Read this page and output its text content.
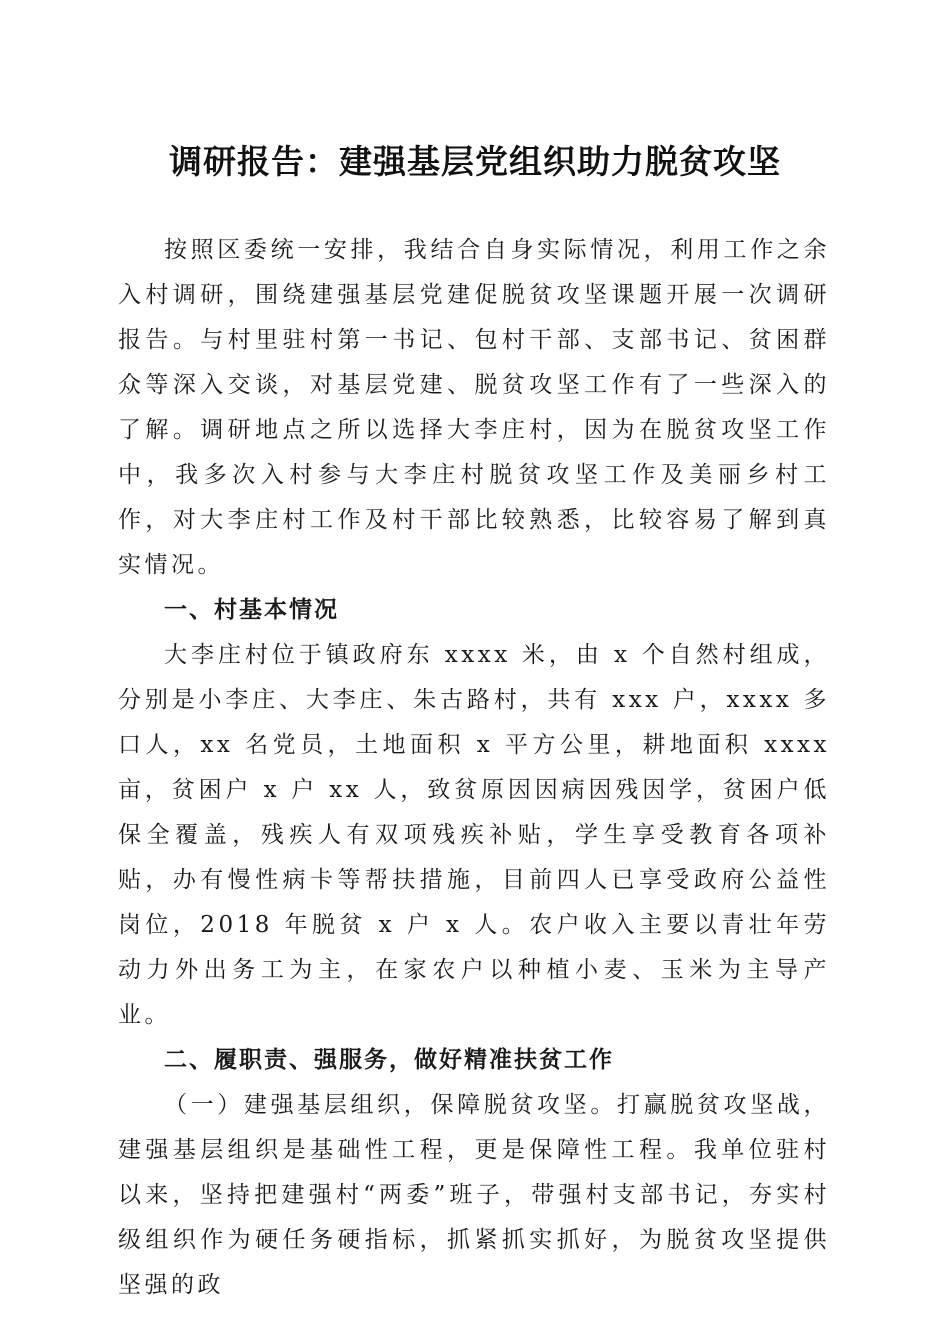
调研报告：建强基层党组织助力脱贫攻坚

按照区委统一安排，我结合自身实际情况，利用工作之余入村调研，围绕建强基层党建促脱贫攻坚课题开展一次调研报告。与村里驻村第一书记、包村干部、支部书记、贫困群众等深入交谈，对基层党建、脱贫攻坚工作有了一些深入的了解。调研地点之所以选择大李庄村，因为在脱贫攻坚工作中，我多次入村参与大李庄村脱贫攻坚工作及美丽乡村工作，对大李庄村工作及村干部比较熟悉，比较容易了解到真实情况。

一、村基本情况

大李庄村位于镇政府东 xxxx 米，由 x 个自然村组成，分别是小李庄、大李庄、朱古路村，共有 xxx 户，xxxx 多口人，xx 名党员，土地面积 x 平方公里，耕地面积 xxxx 亩，贫困户 x 户 xx 人，致贫原因因病因残因学，贫困户低保全覆盖，残疾人有双项残疾补贴，学生享受教育各项补贴，办有慢性病卡等帮扶措施，目前四人已享受政府公益性岗位，2018 年脱贫 x 户 x 人。农户收入主要以青壮年劳动力外出务工为主，在家农户以种植小麦、玉米为主导产业。

二、履职责、强服务，做好精准扶贫工作

（一）建强基层组织，保障脱贫攻坚。打赢脱贫攻坚战，建强基层组织是基础性工程，更是保障性工程。我单位驻村以来，坚持把建强村“两委”班子，带强村支部书记，夯实村级组织作为硬任务硬指标，抓紧抓实抓好，为脱贫攻坚提供坚强的政
